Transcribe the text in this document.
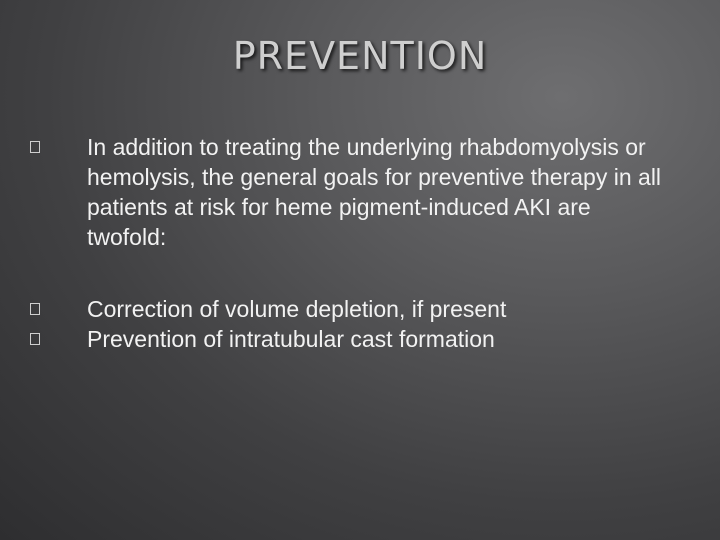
PREVENTION
In addition to treating the underlying rhabdomyolysis or hemolysis, the general goals for preventive therapy in all patients at risk for heme pigment-induced AKI are twofold:
Correction of volume depletion, if present
Prevention of intratubular cast formation
